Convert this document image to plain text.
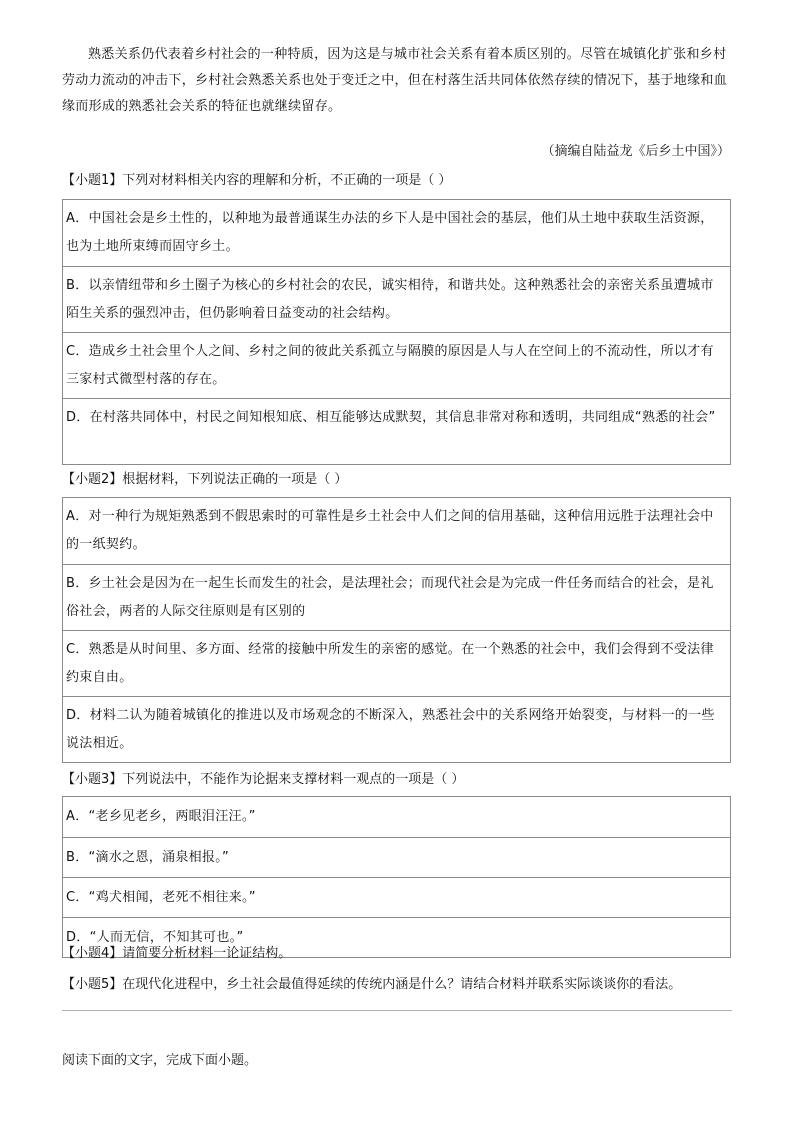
熟悉关系仍代表着乡村社会的一种特质，因为这是与城市社会关系有着本质区别的。尽管在城镇化扩张和乡村劳动力流动的冲击下，乡村社会熟悉关系也处于变迁之中，但在村落生活共同体依然存续的情况下，基于地缘和血缘而形成的熟悉社会关系的特征也就继续留存。

（摘编自陆益龙《后乡土中国》）

【小题1】下列对材料相关内容的理解和分析，不正确的一项是（ ）

A．中国社会是乡土性的，以种地为最普通谋生办法的乡下人是中国社会的基层，他们从土地中获取生活资源，也为土地所束缚而固守乡土。
B．以亲情纽带和乡土圈子为核心的乡村社会的农民，诚实相待，和谐共处。这种熟悉社会的亲密关系虽遭城市陌生关系的强烈冲击，但仍影响着日益变动的社会结构。
C．造成乡土社会里个人之间、乡村之间的彼此关系孤立与隔膜的原因是人与人在空间上的不流动性，所以才有三家村式微型村落的存在。
D．在村落共同体中，村民之间知根知底、相互能够达成默契，其信息非常对称和透明，共同组成“熟悉的社会”

【小题2】根据材料，下列说法正确的一项是（ ）

A．对一种行为规矩熟悉到不假思索时的可靠性是乡土社会中人们之间的信用基础，这种信用远胜于法理社会中的一纸契约。
B．乡土社会是因为在一起生长而发生的社会，是法理社会；而现代社会是为完成一件任务而结合的社会，是礼俗社会，两者的人际交往原则是有区别的
C．熟悉是从时间里、多方面、经常的接触中所发生的亲密的感觉。在一个熟悉的社会中，我们会得到不受法律约束自由。
D．材料二认为随着城镇化的推进以及市场观念的不断深入，熟悉社会中的关系网络开始裂变，与材料一的一些说法相近。

【小题3】下列说法中，不能作为论据来支撑材料一观点的一项是（ ）

A．“老乡见老乡，两眼泪汪汪。”
B．“滴水之恩，涌泉相报。”
C．“鸡犬相闻，老死不相往来。”
D．“人而无信，不知其可也。”

【小题4】请简要分析材料一论证结构。

【小题5】在现代化进程中，乡土社会最值得延续的传统内涵是什么？请结合材料并联系实际谈谈你的看法。

阅读下面的文字，完成下面小题。
